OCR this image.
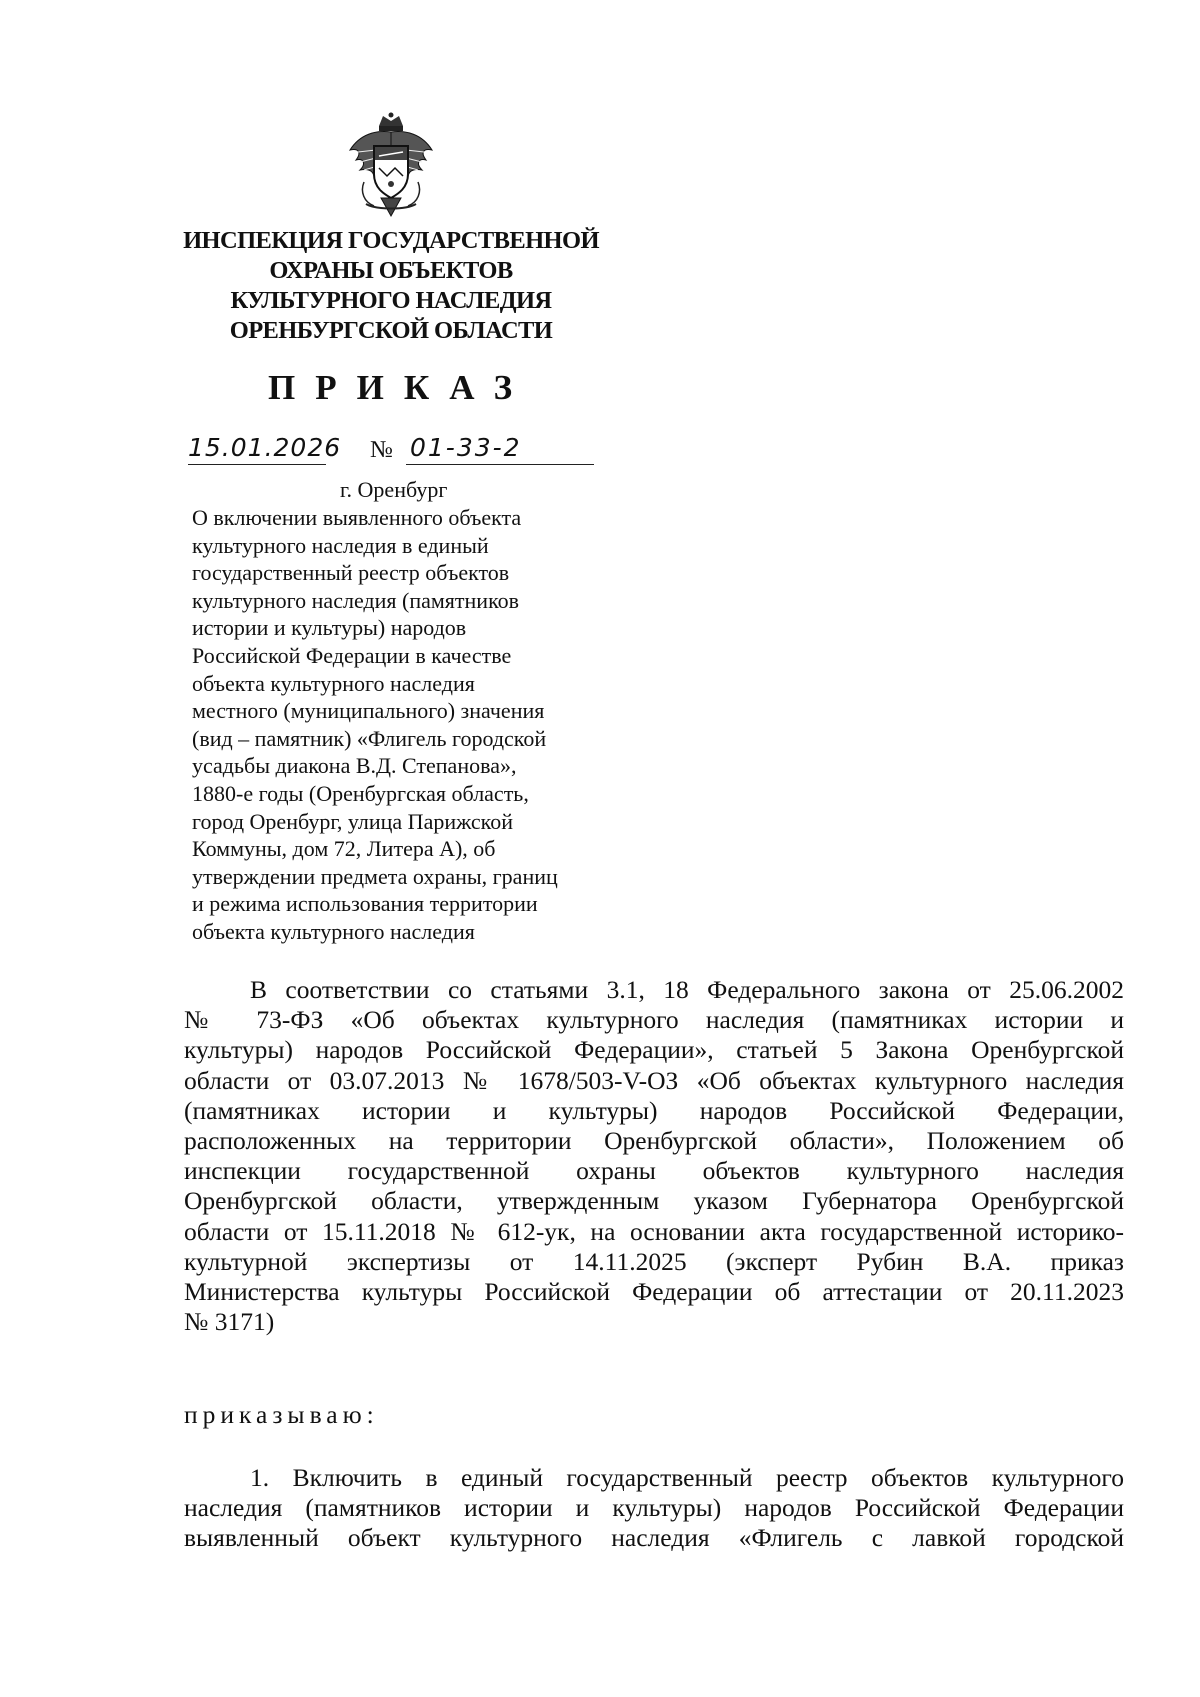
ИНСПЕКЦИЯ ГОСУДАРСТВЕННОЙ
ОХРАНЫ ОБЪЕКТОВ
КУЛЬТУРНОГО НАСЛЕДИЯ
ОРЕНБУРГСКОЙ ОБЛАСТИ
ПРИКАЗ
15.01.2026 № 01-33-2
г. Оренбург
О включении выявленного объекта
культурного наследия в единый
государственный реестр объектов
культурного наследия (памятников
истории и культуры) народов
Российской Федерации в качестве
объекта культурного наследия
местного (муниципального) значения
(вид – памятник) «Флигель городской
усадьбы диакона В.Д. Степанова»,
1880-е годы (Оренбургская область,
город Оренбург, улица Парижской
Коммуны, дом 72, Литера А), об
утверждении предмета охраны, границ
и режима использования территории
объекта культурного наследия
В соответствии со статьями 3.1, 18 Федерального закона от 25.06.2002
№ 73-ФЗ «Об объектах культурного наследия (памятниках истории и
культуры) народов Российской Федерации», статьей 5 Закона Оренбургской
области от 03.07.2013 № 1678/503-V-ОЗ «Об объектах культурного наследия
(памятниках истории и культуры) народов Российской Федерации,
расположенных на территории Оренбургской области», Положением об
инспекции государственной охраны объектов культурного наследия
Оренбургской области, утвержденным указом Губернатора Оренбургской
области от 15.11.2018 № 612-ук, на основании акта государственной историко-
культурной экспертизы от 14.11.2025 (эксперт Рубин В.А. приказ
Министерства культуры Российской Федерации об аттестации от 20.11.2023
№ 3171)
приказываю:
1. Включить в единый государственный реестр объектов культурного
наследия (памятников истории и культуры) народов Российской Федерации
выявленный объект культурного наследия «Флигель с лавкой городской
